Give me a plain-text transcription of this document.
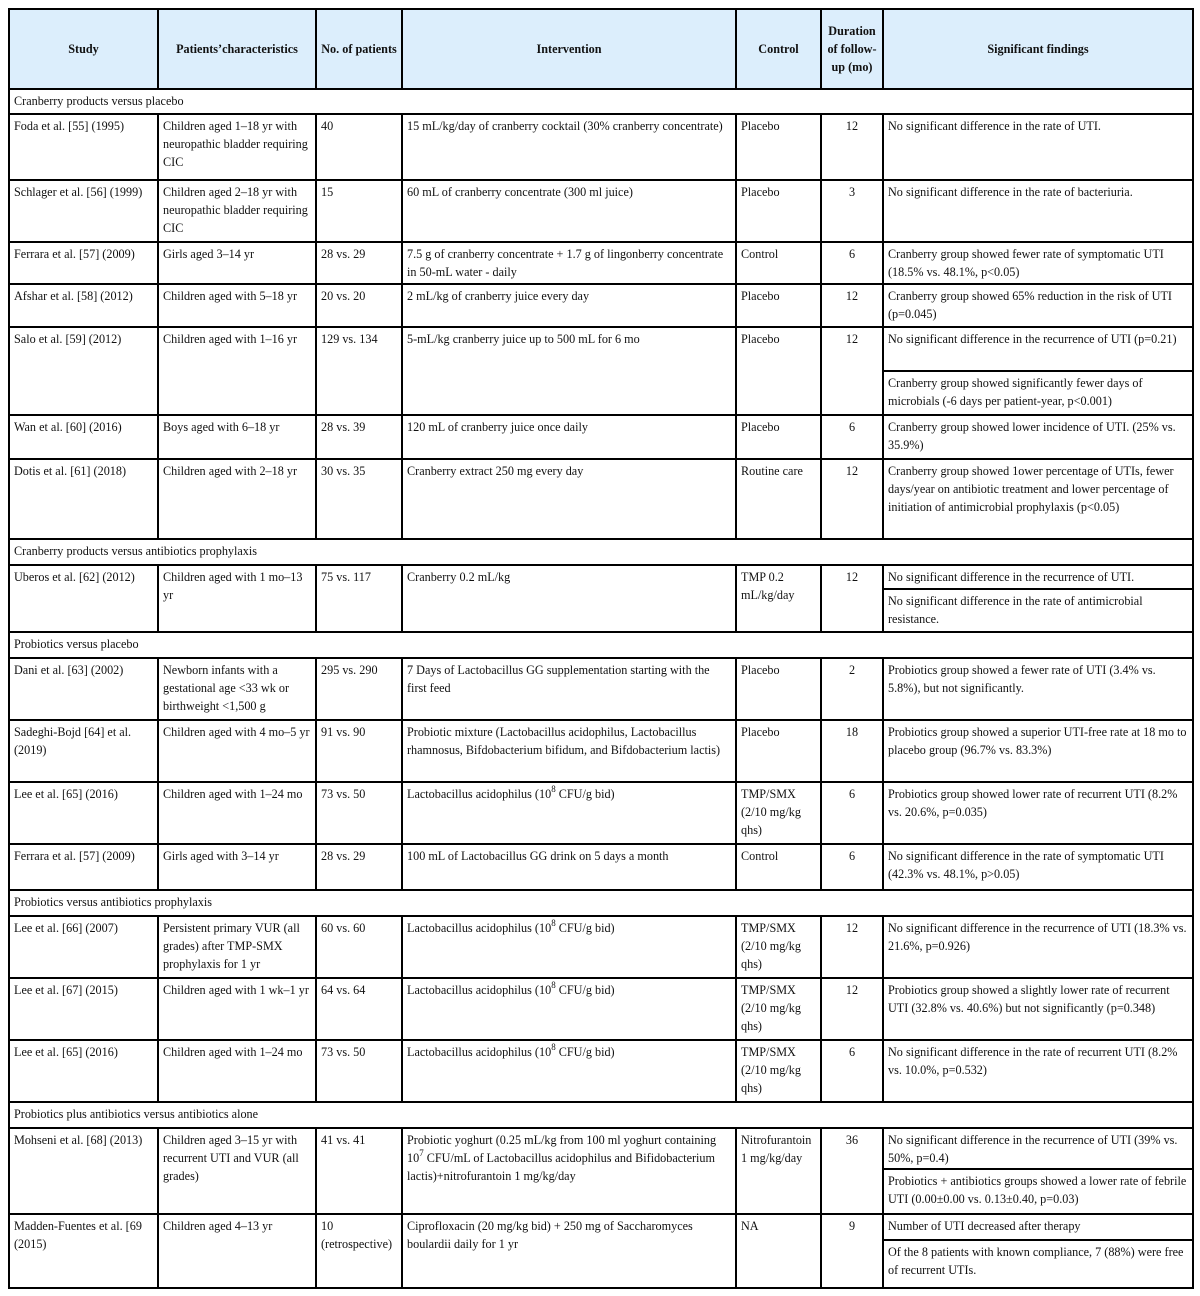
Study	Patients’characteristics	No. of patients	Intervention	Control	Duration of follow-up (mo)	Significant findings
Cranberry products versus placebo						
Foda et al. [55] (1995)	Children aged 1–18 yr with neuropathic bladder requiring CIC	40	15 mL/kg/day of cranberry cocktail (30% cranberry concentrate)	Placebo	12	No significant difference in the rate of UTI.
Schlager et al. [56] (1999)	Children aged 2–18 yr with neuropathic bladder requiring CIC	15	60 mL of cranberry concentrate (300 ml juice)	Placebo	3	No significant difference in the rate of bacteriuria.
Ferrara et al. [57] (2009)	Girls aged 3–14 yr	28 vs. 29	7.5 g of cranberry concentrate + 1.7 g of lingonberry concentrate in 50-mL water - daily	Control	6	Cranberry group showed fewer rate of symptomatic UTI (18.5% vs. 48.1%, p<0.05)
Afshar et al. [58] (2012)	Children aged with 5–18 yr	20 vs. 20	2 mL/kg of cranberry juice every day	Placebo	12	Cranberry group showed 65% reduction in the risk of UTI (p=0.045)
Salo et al. [59] (2012)	Children aged with 1–16 yr	129 vs. 134	5-mL/kg cranberry juice up to 500 mL for 6 mo	Placebo	12	No significant difference in the recurrence of UTI (p=0.21)
						Cranberry group showed significantly fewer days of microbials (-6 days per patient-year, p<0.001)
Wan et al. [60] (2016)	Boys aged with 6–18 yr	28 vs. 39	120 mL of cranberry juice once daily	Placebo	6	Cranberry group showed lower incidence of UTI. (25% vs. 35.9%)
Dotis et al. [61] (2018)	Children aged with 2–18 yr	30 vs. 35	Cranberry extract 250 mg every day	Routine care	12	Cranberry group showed 1ower percentage of UTIs, fewer days/year on antibiotic treatment and lower percentage of initiation of antimicrobial prophylaxis (p<0.05)
Cranberry products versus antibiotics prophylaxis						
Uberos et al. [62] (2012)	Children aged with 1 mo–13 yr	75 vs. 117	Cranberry 0.2 mL/kg	TMP 0.2 mL/kg/day	12	No significant difference in the recurrence of UTI.
						No significant difference in the rate of antimicrobial resistance.
Probiotics versus placebo						
Dani et al. [63] (2002)	Newborn infants with a gestational age <33 wk or birthweight <1,500 g	295 vs. 290	7 Days of Lactobacillus GG supplementation starting with the first feed	Placebo	2	Probiotics group showed a fewer rate of UTI (3.4% vs. 5.8%), but not significantly.
Sadeghi-Bojd [64] et al. (2019)	Children aged with 4 mo–5 yr	91 vs. 90	Probiotic mixture (Lactobacillus acidophilus, Lactobacillus rhamnosus, Bifdobacterium bifidum, and Bifdobacterium lactis)	Placebo	18	Probiotics group showed a superior UTI-free rate at 18 mo to placebo group (96.7% vs. 83.3%)
Lee et al. [65] (2016)	Children aged with 1–24 mo	73 vs. 50	Lactobacillus acidophilus ($10^8$ CFU/g bid)	TMP/SMX (2/10 mg/kg qhs)	6	Probiotics group showed lower rate of recurrent UTI (8.2% vs. 20.6%, p=0.035)
Ferrara et al. [57] (2009)	Girls aged with 3–14 yr	28 vs. 29	100 mL of Lactobacillus GG drink on 5 days a month	Control	6	No significant difference in the rate of symptomatic UTI (42.3% vs. 48.1%, p>0.05)
Probiotics versus antibiotics prophylaxis						
Lee et al. [66] (2007)	Persistent primary VUR (all grades) after TMP-SMX prophylaxis for 1 yr	60 vs. 60	Lactobacillus acidophilus ($10^8$ CFU/g bid)	TMP/SMX (2/10 mg/kg qhs)	12	No significant difference in the recurrence of UTI (18.3% vs. 21.6%, p=0.926)
Lee et al. [67] (2015)	Children aged with 1 wk–1 yr	64 vs. 64	Lactobacillus acidophilus ($10^8$ CFU/g bid)	TMP/SMX (2/10 mg/kg qhs)	12	Probiotics group showed a slightly lower rate of recurrent UTI (32.8% vs. 40.6%) but not significantly (p=0.348)
Lee et al. [65] (2016)	Children aged with 1–24 mo	73 vs. 50	Lactobacillus acidophilus ($10^8$ CFU/g bid)	TMP/SMX (2/10 mg/kg qhs)	6	No significant difference in the rate of recurrent UTI (8.2% vs. 10.0%, p=0.532)
Probiotics plus antibiotics versus antibiotics alone						
Mohseni et al. [68] (2013)	Children aged 3–15 yr with recurrent UTI and VUR (all grades)	41 vs. 41	Probiotic yoghurt (0.25 mL/kg from 100 ml yoghurt containing $10^7$ CFU/mL of Lactobacillus acidophilus and Bifidobacterium lactis)+nitrofurantoin 1 mg/kg/day	Nitrofurantoin 1 mg/kg/day	36	No significant difference in the recurrence of UTI (39% vs. 50%, p=0.4)
						Probiotics + antibiotics groups showed a lower rate of febrile UTI (0.00±0.00 vs. 0.13±0.40, p=0.03)
Madden-Fuentes et al. [69 (2015)	Children aged 4–13 yr	10 (retrospective)	Ciprofloxacin (20 mg/kg bid) + 250 mg of Saccharomyces boulardii daily for 1 yr	NA	9	Number of UTI decreased after therapy
						Of the 8 patients with known compliance, 7 (88%) were free of recurrent UTIs.
